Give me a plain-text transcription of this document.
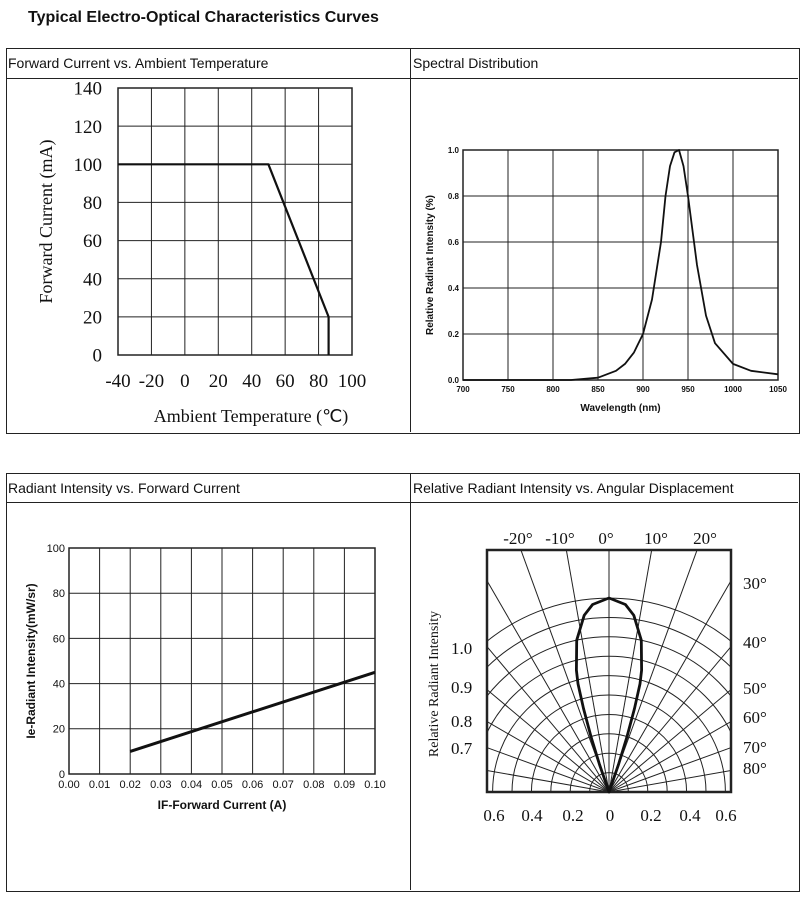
Typical Electro-Optical Characteristics Curves
Forward Current vs. Ambient Temperature	Spectral Distribution
Radiant Intensity vs. Forward Current	Relative Radiant Intensity vs. Angular Displacement
-40 -20 0 20 40 60 80 100
0
20
40
60
80
100
120
140
Ambient Temperature (℃)
Forward Current (mA)
700	750	800	850	900	950	1000	1050
0.0
0.2
0.4
0.6
0.8
1.0
Wavelength (nm)
Relative Radinat Intensity (%)
0.00 0.01 0.02 0.03 0.04 0.05 0.06 0.07 0.08 0.09 0.10
0
20
40
60
80
100
IF-Forward Current (A)
Ie-Radiant Intensity(mW/sr)
-20° -10° 0° 10° 20°
30°
40°
50°
60°
70°
80°
1.0
0.9
0.8
0.7
0.6 0.4 0.2 0 0.2 0.4 0.6
Relative Radiant Intensity
